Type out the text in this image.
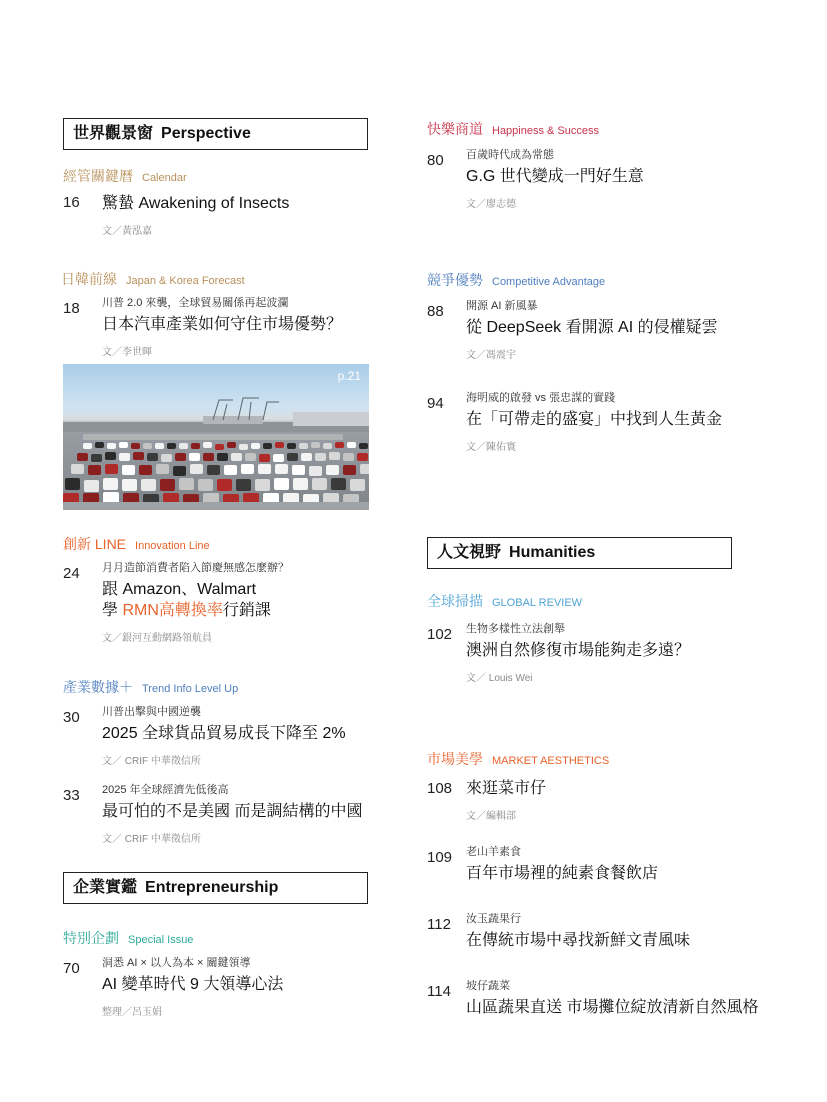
世界觀景窗 Perspective
經管關鍵曆 Calendar
16 驚蟄 Awakening of Insects
文／黃泓嘉
日韓前線 Japan & Korea Forecast
18 川普 2.0 來襲，全球貿易關係再起波瀾
日本汽車產業如何守住市場優勢？
文／李世暉
創新 LINE Innovation Line
24 月月造節消費者陷入節慶無感怎麼辦？
跟 Amazon、Walmart
學 RMN高轉換率行銷課
文／銀河互動網路領航員
產業數據＋ Trend Info Level Up
30 川普出擊與中國逆襲
2025 全球貨品貿易成長下降至 2%
文／ CRIF 中華徵信所
33 2025 年全球經濟先低後高
最可怕的不是美國 而是調結構的中國
文／ CRIF 中華徵信所
企業實鑑 Entrepreneurship
特別企劃 Special Issue
70 洞悉 AI × 以人為本 × 關鍵領導
AI 變革時代 9 大領導心法
整理／呂玉娟
p.21
快樂商道 Happiness & Success
80 百歲時代成為常態
G.G 世代變成一門好生意
文／廖志德
競爭優勢 Competitive Advantage
88 開源 AI 新風暴
從 DeepSeek 看開源 AI 的侵權疑雲
文／馮震宇
94 海明威的啟發 vs 張忠謀的實踐
在「可帶走的盛宴」中找到人生黃金
文／陳佑寰
人文視野 Humanities
全球掃描 GLOBAL REVIEW
102 生物多樣性立法創舉
澳洲自然修復市場能夠走多遠？
文／ Louis Wei
市場美學 MARKET AESTHETICS
108 來逛菜市仔
文／編輯部
109 老山羊素食
百年市場裡的純素食餐飲店
112 汝玉蔬果行
在傳統市場中尋找新鮮文青風味
114 坡仔蔬菜
山區蔬果直送 市場攤位綻放清新自然風格
